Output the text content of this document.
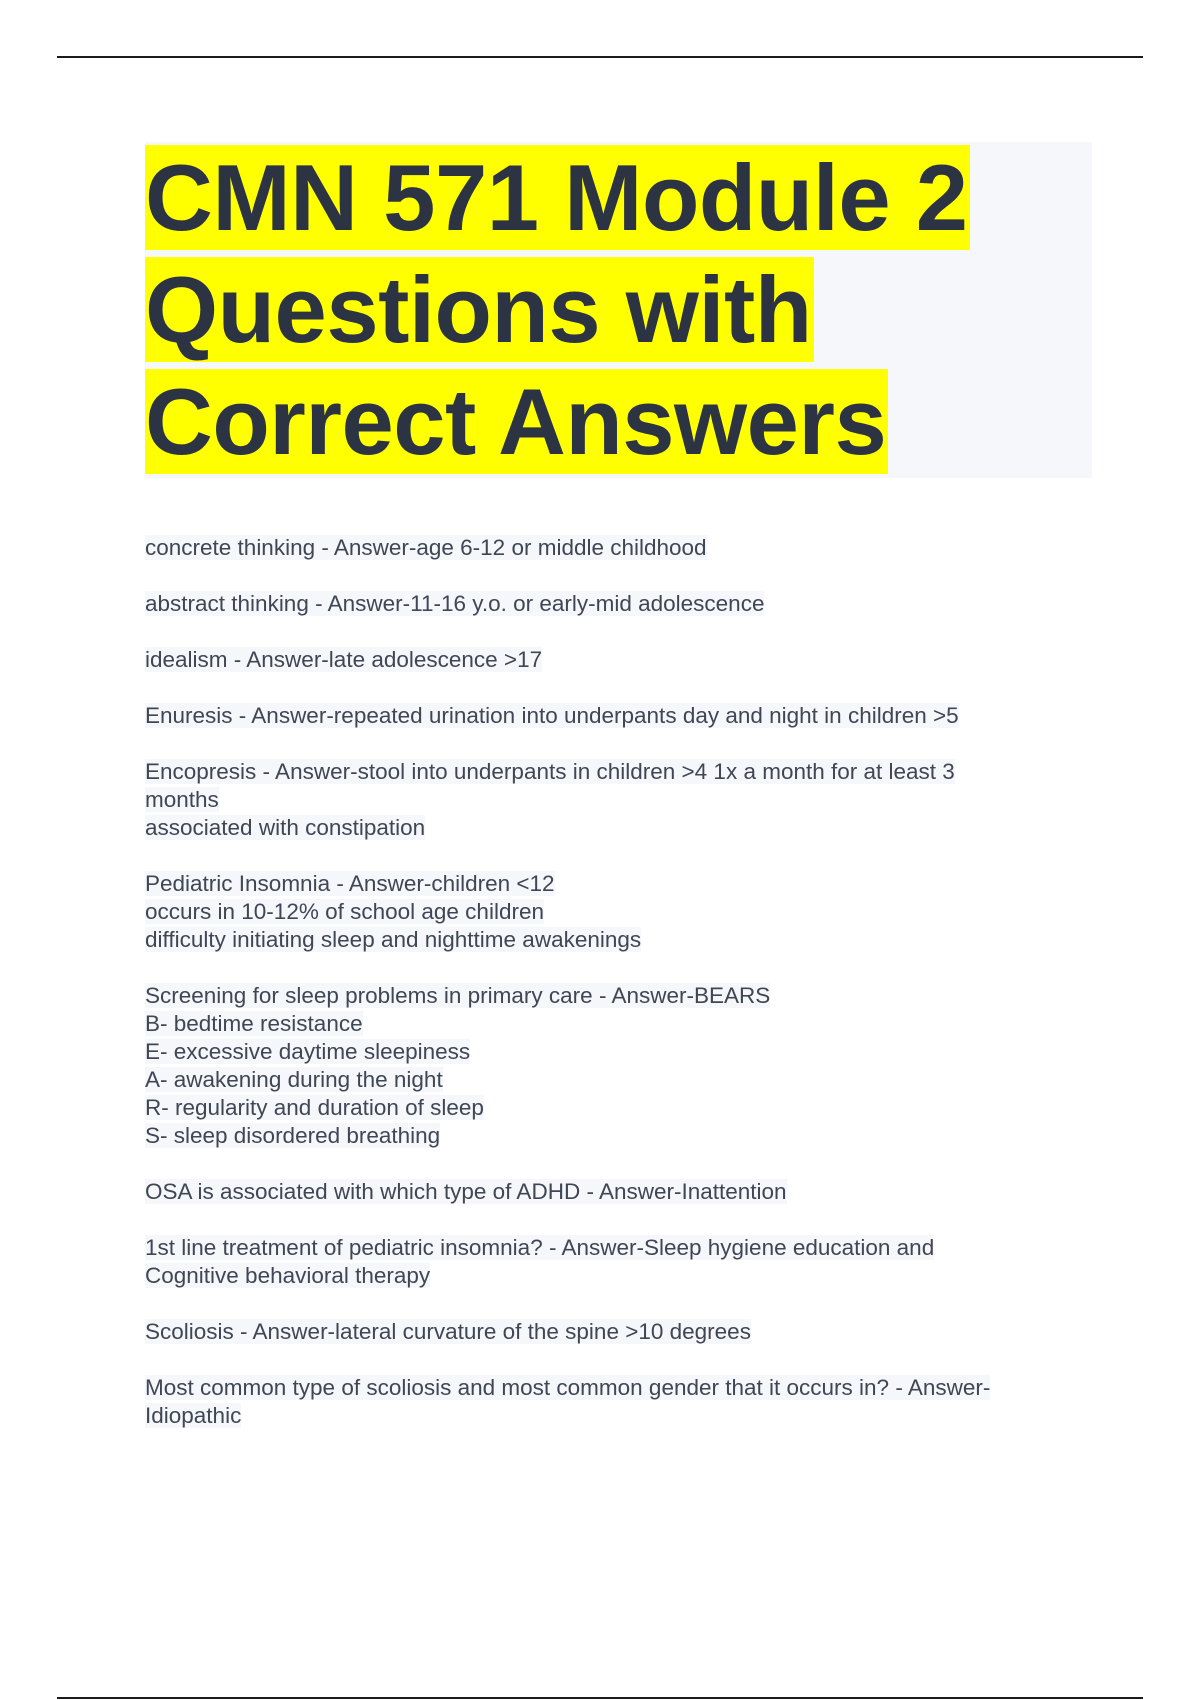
CMN 571 Module 2
Questions with
Correct Answers
concrete thinking - Answer-age 6-12 or middle childhood
abstract thinking - Answer-11-16 y.o. or early-mid adolescence
idealism - Answer-late adolescence >17
Enuresis - Answer-repeated urination into underpants day and night in children >5
Encopresis - Answer-stool into underpants in children >4 1x a month for at least 3
months
associated with constipation
Pediatric Insomnia - Answer-children <12
occurs in 10-12% of school age children
difficulty initiating sleep and nighttime awakenings
Screening for sleep problems in primary care - Answer-BEARS
B- bedtime resistance
E- excessive daytime sleepiness
A- awakening during the night
R- regularity and duration of sleep
S- sleep disordered breathing
OSA is associated with which type of ADHD - Answer-Inattention
1st line treatment of pediatric insomnia? - Answer-Sleep hygiene education and
Cognitive behavioral therapy
Scoliosis - Answer-lateral curvature of the spine >10 degrees
Most common type of scoliosis and most common gender that it occurs in? - Answer-
Idiopathic
